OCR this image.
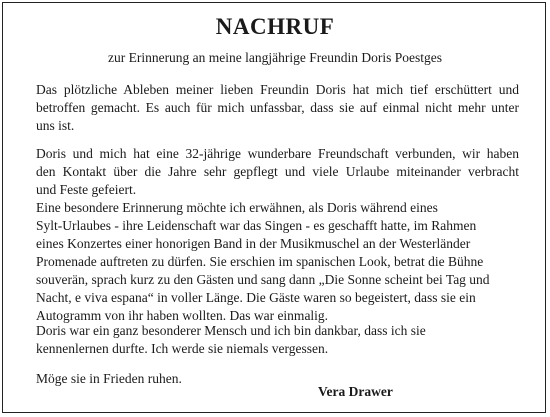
NACHRUF
zur Erinnerung an meine langjährige Freundin Doris Poestges
Das plötzliche Ableben meiner lieben Freundin Doris hat mich tief erschüttert und
betroffen gemacht. Es auch für mich unfassbar, dass sie auf einmal nicht mehr unter
uns ist.
Doris und mich hat eine 32-jährige wunderbare Freundschaft verbunden, wir haben
den Kontakt über die Jahre sehr gepflegt und viele Urlaube miteinander verbracht
und Feste gefeiert.
Eine besondere Erinnerung möchte ich erwähnen, als Doris während eines
Sylt-Urlaubes - ihre Leidenschaft war das Singen - es geschafft hatte, im Rahmen
eines Konzertes einer honorigen Band in der Musikmuschel an der Westerländer
Promenade auftreten zu dürfen. Sie erschien im spanischen Look, betrat die Bühne
souverän, sprach kurz zu den Gästen und sang dann „Die Sonne scheint bei Tag und
Nacht, e viva espana“ in voller Länge. Die Gäste waren so begeistert, dass sie ein
Autogramm von ihr haben wollten. Das war einmalig.
Doris war ein ganz besonderer Mensch und ich bin dankbar, dass ich sie
kennenlernen durfte. Ich werde sie niemals vergessen.
Möge sie in Frieden ruhen.
Vera Drawer
